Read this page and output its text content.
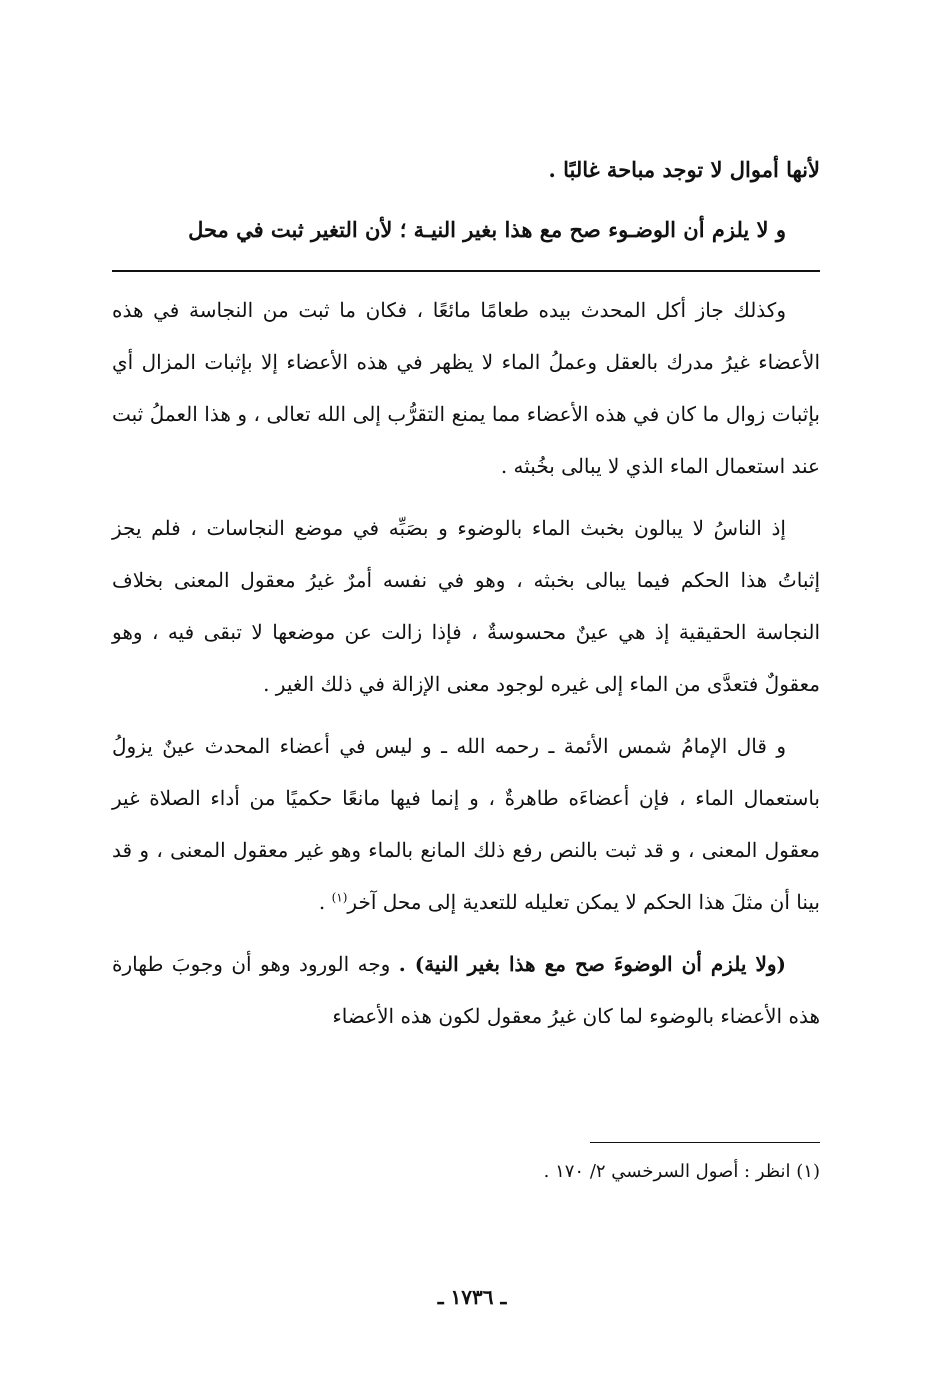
لأنها أموال لا توجد مباحة غالبًا .

و لا يلزم أن الوضـوء صح مع هذا بغير النيـة ؛ لأن التغير ثبت في محل

وكذلك جاز أكل المحدث بيده طعامًا مائعًا ، فكان ما ثبت من النجاسة في هذه الأعضاء غيرُ مدرك بالعقل وعملُ الماء لا يظهر في هذه الأعضاء إلا بإثبات المزال أي بإثبات زوال ما كان في هذه الأعضاء مما يمنع التقرُّب إلى الله تعالى ، و هذا العملُ ثبت عند استعمال الماء الذي لا يبالى بخُبثه .

إذ الناسُ لا يبالون بخبث الماء بالوضوء و بصَبِّه في موضع النجاسات ، فلم يجز إثباتُ هذا الحكم فيما يبالى بخبثه ، وهو في نفسه أمرٌ غيرُ معقول المعنى بخلاف النجاسة الحقيقية إذ هي عينٌ محسوسةٌ ، فإذا زالت عن موضعها لا تبقى فيه ، وهو معقولٌ فتعدَّى من الماء إلى غيره لوجود معنى الإزالة في ذلك الغير .

و قال الإمامُ شمس الأئمة ـ رحمه الله ـ و ليس في أعضاء المحدث عينٌ يزولُ باستعمال الماء ، فإن أعضاءَه طاهرةٌ ، و إنما فيها مانعًا حكميًا من أداء الصلاة غير معقول المعنى ، و قد ثبت بالنص رفع ذلك المانع بالماء وهو غير معقول المعنى ، و قد بينا أن مثلَ هذا الحكم لا يمكن تعليله للتعدية إلى محل آخر$^{(١)}$ .

(ولا يلزم أن الوضوءَ صح مع هذا بغير النية) . وجه الورود وهو أن وجوبَ طهارة هذه الأعضاء بالوضوء لما كان غيرُ معقول لكون هذه الأعضاء

(١) انظر : أصول السرخسي ٢/ ١٧٠ .
ـ ١٧٣٦ ـ
